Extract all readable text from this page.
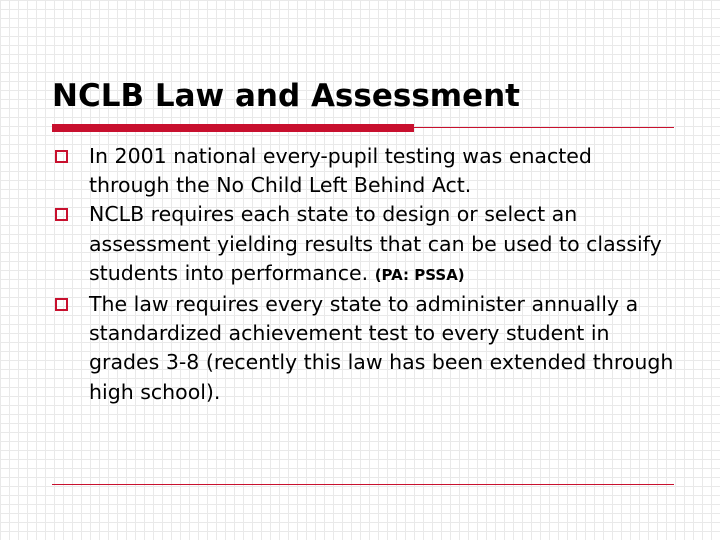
NCLB Law and Assessment
In 2001 national every-pupil testing was enacted through the No Child Left Behind Act.
NCLB requires each state to design or select an assessment yielding results that can be used to classify students into performance. (PA: PSSA)
The law requires every state to administer annually a standardized achievement test to every student in grades 3-8 (recently this law has been extended through high school).
